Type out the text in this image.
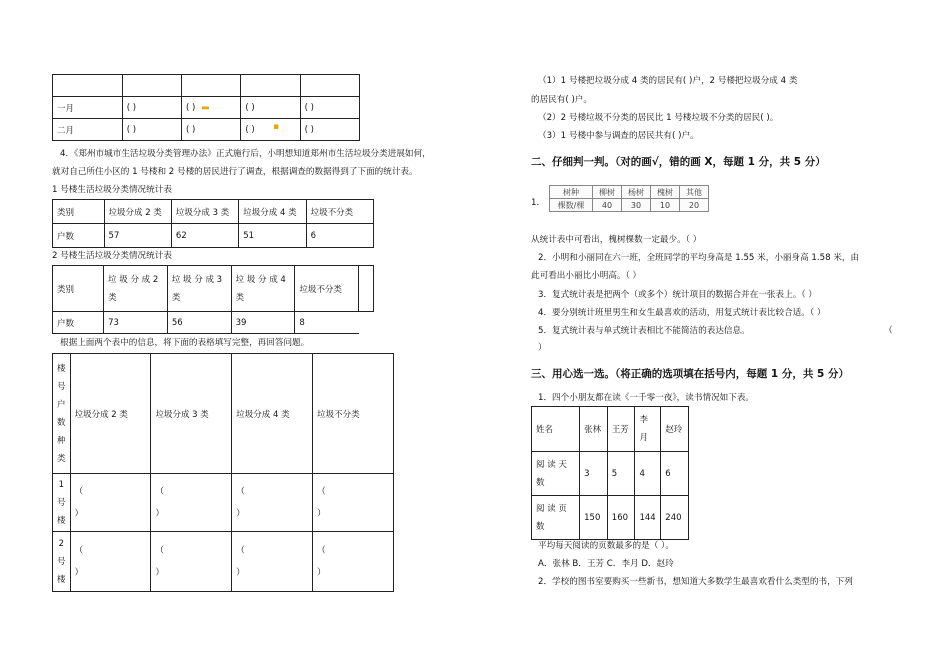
一月	( )	( )	( )	( )
二月	( )	( )	( )	( )
▂
▪
4．《郑州市城市生活垃圾分类管理办法》正式施行后，小明想知道郑州市生活垃圾分类进展如何，
就对自己所住小区的 1 号楼和 2 号楼的居民进行了调查，根据调查的数据得到了下面的统计表。
1 号楼生活垃圾分类情况统计表
类别	垃圾分成 2 类	垃圾分成 3 类	垃圾分成 4 类	垃圾不分类
户数	57	62	51	6
2 号楼生活垃圾分类情况统计表
类别	垃 圾 分 成 2 类	垃 圾 分 成 3 类	垃 圾 分 成 4 类	垃圾不分类	
户数	73	56	39	8	
根据上面两个表中的信息，将下面的表格填写完整，再回答问题。
楼号户数种类	垃圾分成 2 类	垃圾分成 3 类	垃圾分成 4 类	垃圾不分类
1号楼	（
）	（
）	（
）	（
）
2号楼	（
）	（
）	（
）	（
）
（1）1 号楼把垃圾分成 4 类的居民有( )户，2 号楼把垃圾分成 4 类
的居民有( )户。
（2）2 号楼垃圾不分类的居民比 1 号楼垃圾不分类的居民( )。
（3）1 号楼中参与调查的居民共有( )户。
二、仔细判一判。（对的画√，错的画 X，每题 1 分，共 5 分）
1．
树种	柳树	杨树	槐树	其他
棵数/棵	40	30	10	20
从统计表中可看出，槐树棵数一定最少。（ ）
2．小明和小丽同在六一班，全班同学的平均身高是 1.55 米，小丽身高 1.58 米，由
此可看出小丽比小明高。（ ）
3．复式统计表是把两个（或多个）统计项目的数据合并在一张表上。（ ）
4．要分别统计班里男生和女生最喜欢的活动，用复式统计表比较合适。（ ）
5．复式统计表与单式统计表相比不能简洁的表达信息。	（
）
三、用心选一选。（将正确的选项填在括号内，每题 1 分，共 5 分）
1．四个小朋友都在读《一千零一夜》，读书情况如下表。
姓名	张林	王芳	李月	赵玲
阅 读 天 数	3	5	4	6
阅 读 页 数	150	160	144	240
平均每天阅读的页数最多的是（ ）。
A．张林 B．王芳 C．李月 D．赵玲
2．学校的图书室要购买一些新书，想知道大多数学生最喜欢看什么类型的书，下列
